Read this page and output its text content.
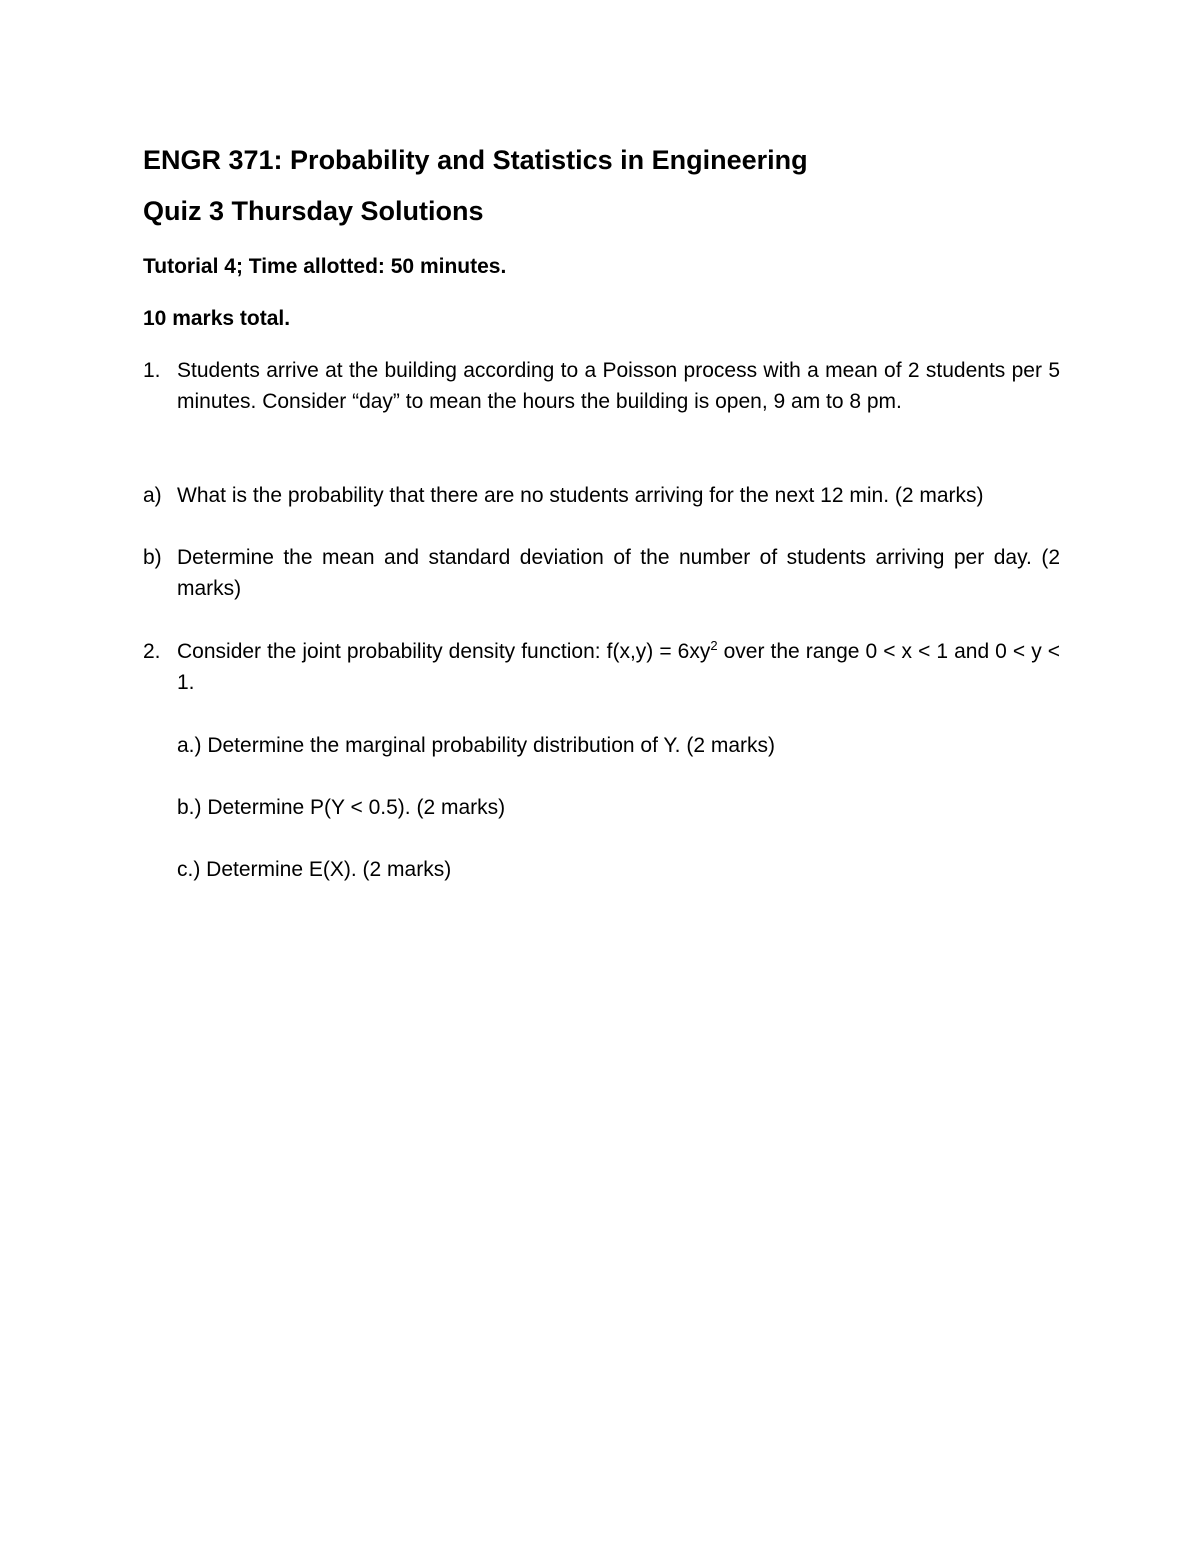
ENGR 371: Probability and Statistics in Engineering
Quiz 3 Thursday Solutions
Tutorial 4; Time allotted: 50 minutes.
10 marks total.
1. Students arrive at the building according to a Poisson process with a mean of 2 students per 5 minutes. Consider “day” to mean the hours the building is open, 9 am to 8 pm.
a) What is the probability that there are no students arriving for the next 12 min. (2 marks)
b) Determine the mean and standard deviation of the number of students arriving per day. (2 marks)
2. Consider the joint probability density function: $f(x,y) = 6xy^2$ over the range 0 < x < 1 and 0 < y < 1.
a.) Determine the marginal probability distribution of Y. (2 marks)
b.) Determine P(Y < 0.5). (2 marks)
c.) Determine E(X). (2 marks)
